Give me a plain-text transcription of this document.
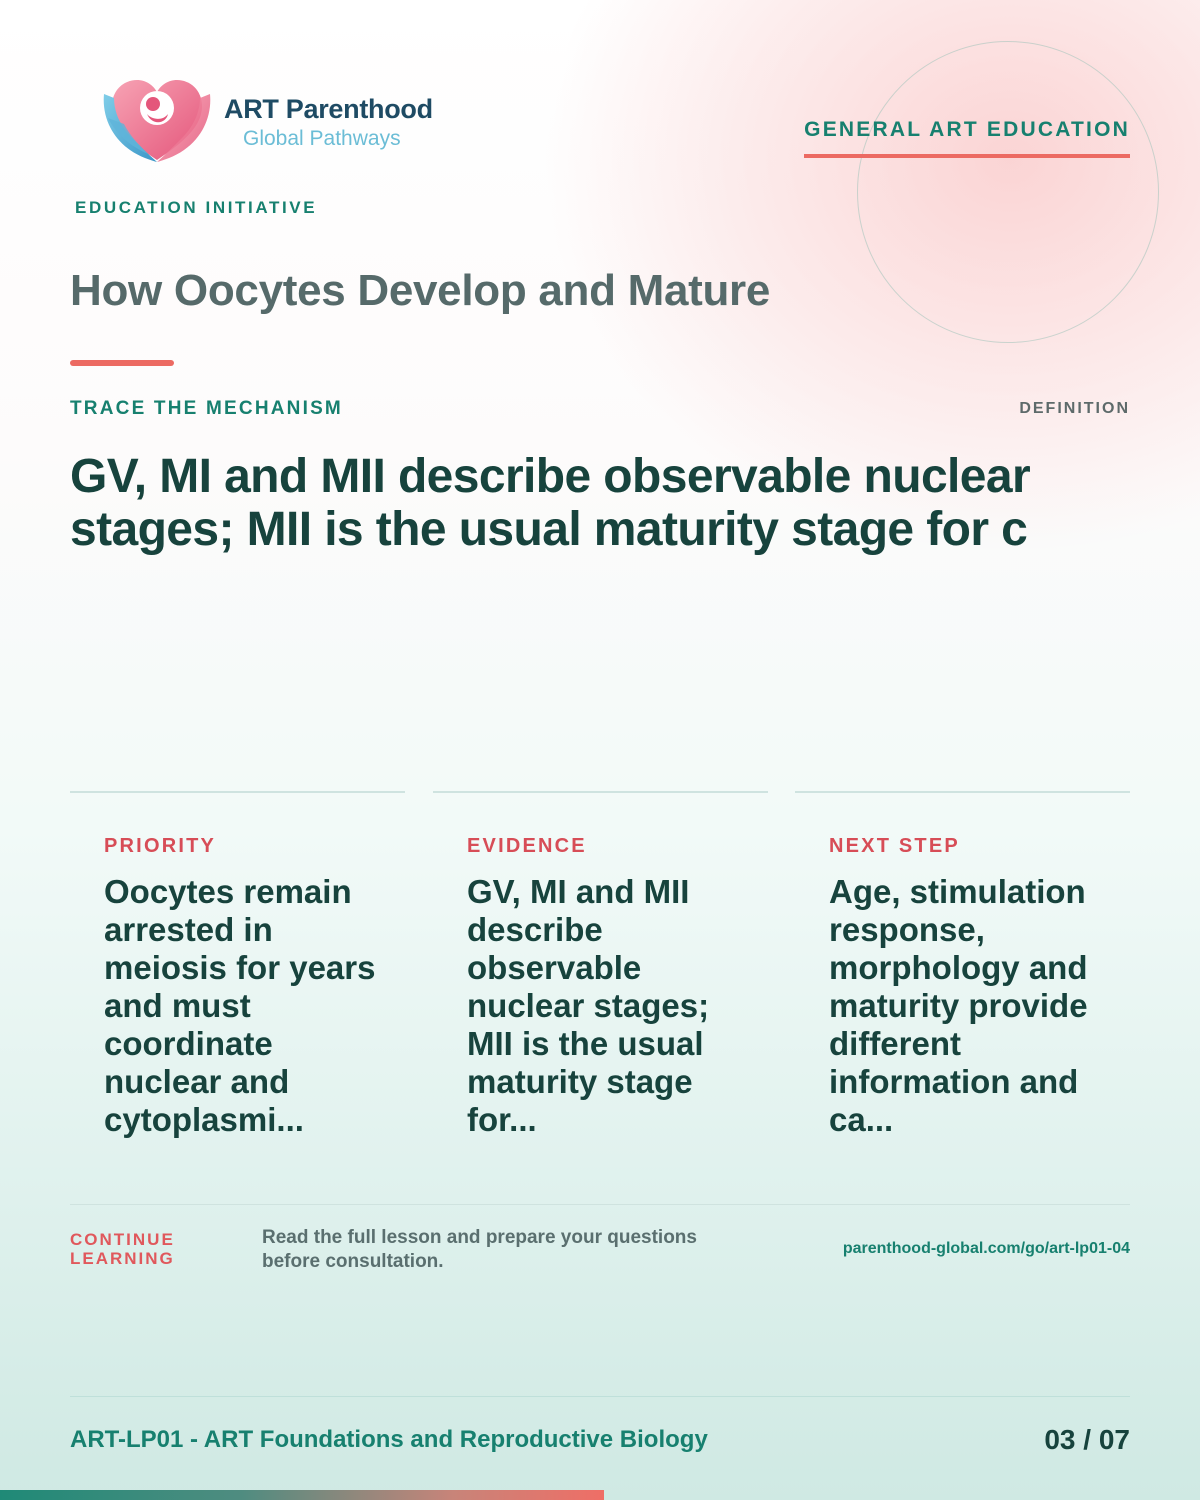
ART Parenthood
Global Pathways
EDUCATION INITIATIVE
GENERAL ART EDUCATION
How Oocytes Develop and Mature
TRACE THE MECHANISM	DEFINITION
GV, MI and MII describe observable nuclear stages; MII is the usual maturity stage for c
PRIORITY
Oocytes remain arrested in meiosis for years and must coordinate nuclear and cytoplasmi...
EVIDENCE
GV, MI and MII describe observable nuclear stages; MII is the usual maturity stage for...
NEXT STEP
Age, stimulation response, morphology and maturity provide different information and ca...
CONTINUE LEARNING
Read the full lesson and prepare your questions before consultation.
parenthood-global.com/go/art-lp01-04
ART-LP01 - ART Foundations and Reproductive Biology	03 / 07
